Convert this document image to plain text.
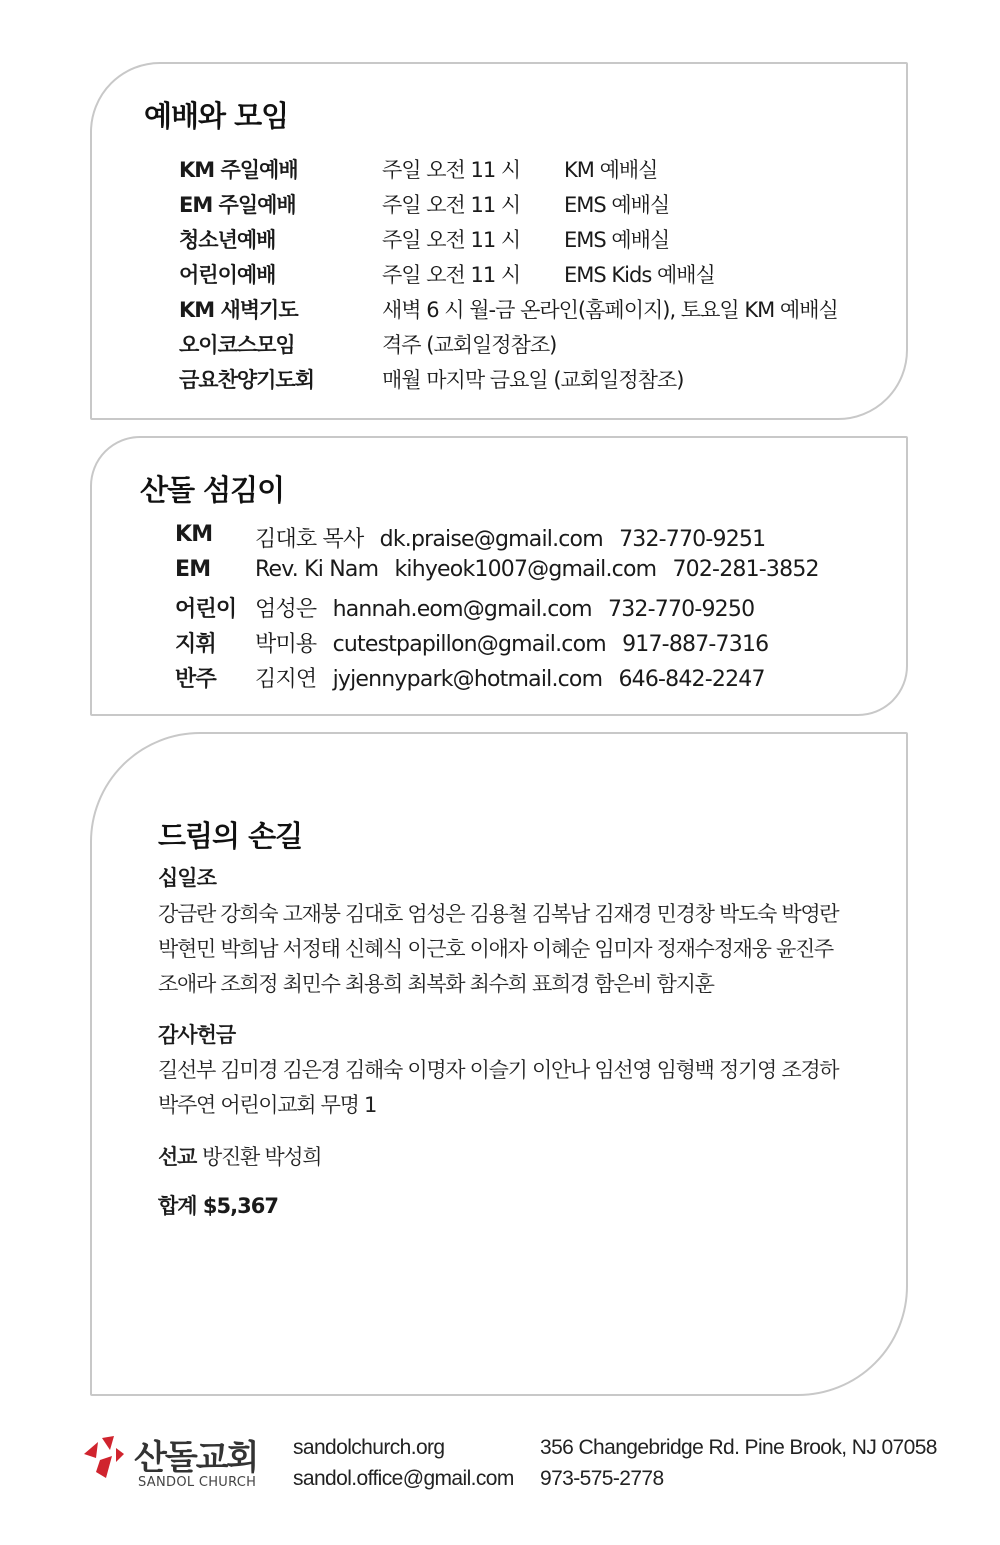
예배와 모임
KM 주일예배	주일 오전 11 시	KM 예배실
EM 주일예배	주일 오전 11 시	EMS 예배실
청소년예배	주일 오전 11 시	EMS 예배실
어린이예배	주일 오전 11 시	EMS Kids 예배실
KM 새벽기도	새벽 6 시 월-금 온라인(홈페이지), 토요일 KM 예배실
오이코스모임	격주 (교회일정참조)
금요찬양기도회	매월 마지막 금요일 (교회일정참조)
산돌 섬김이
KM	김대호 목사 dk.praise@gmail.com 732-770-9251
EM	Rev. Ki Nam kihyeok1007@gmail.com 702-281-3852
어린이 엄성은 hannah.eom@gmail.com 732-770-9250
지휘	박미용 cutestpapillon@gmail.com 917-887-7316
반주	김지연 jyjennypark@hotmail.com 646-842-2247
드림의 손길
십일조
강금란 강희숙 고재붕 김대호 엄성은 김용철 김복남 김재경 민경창 박도숙 박영란
박현민 박희남 서정태 신혜식 이근호 이애자 이혜순 임미자 정재수정재웅 윤진주
조애라 조희정 최민수 최용희 최복화 최수희 표희경 함은비 함지훈
감사헌금
길선부 김미경 김은경 김해숙 이명자 이슬기 이안나 임선영 임형백 정기영 조경하
박주연 어린이교회 무명 1
선교 방진환 박성희
합계 $5,367
산돌교회
SANDOL CHURCH
sandolchurch.org
sandol.office@gmail.com
356 Changebridge Rd. Pine Brook, NJ 07058
973-575-2778
